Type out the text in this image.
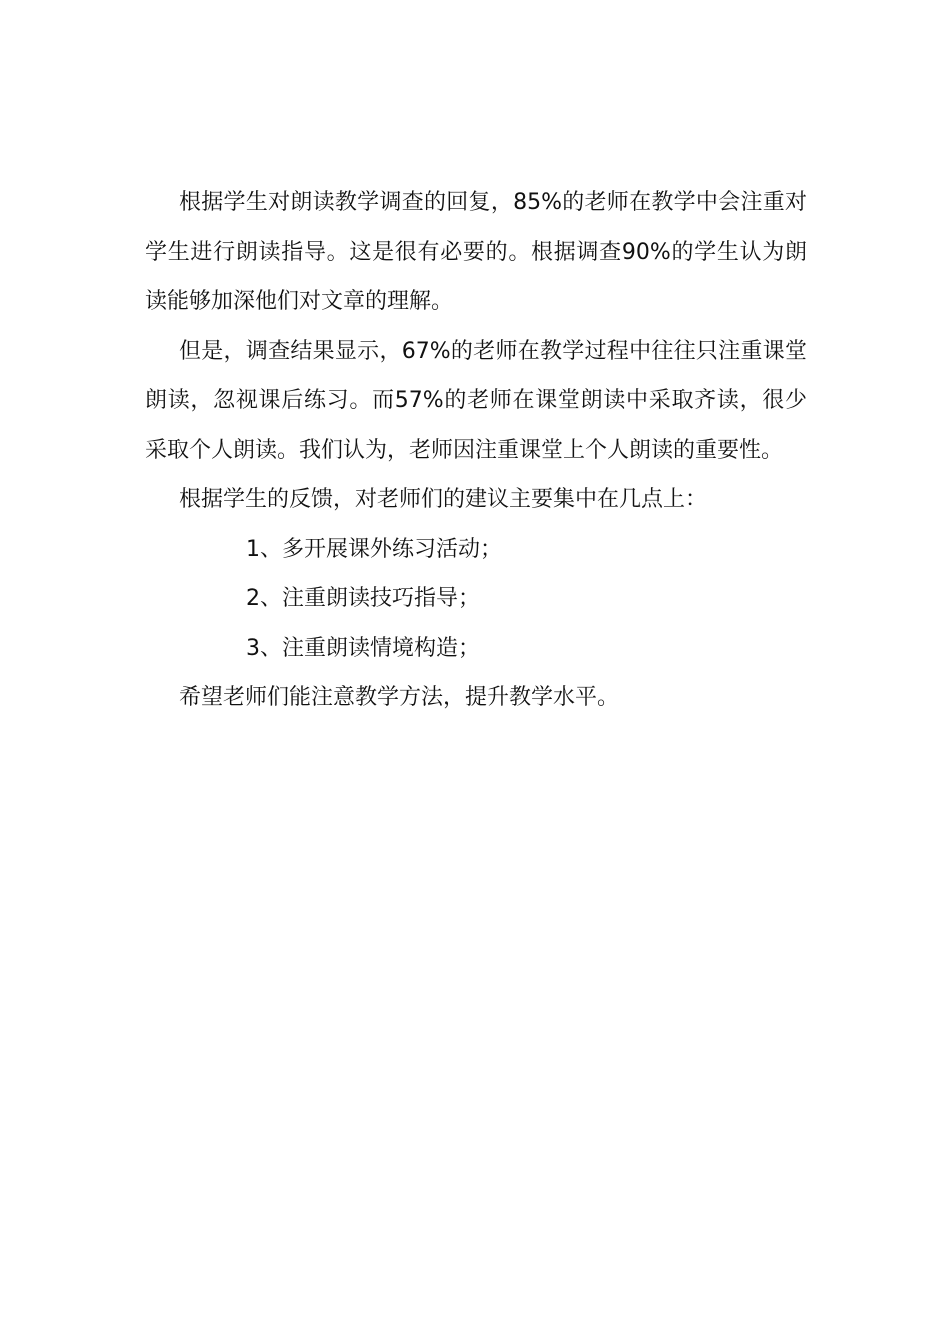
根据学生对朗读教学调查的回复，85%的老师在教学中会注重对学生进行朗读指导。这是很有必要的。根据调查90%的学生认为朗读能够加深他们对文章的理解。

但是，调查结果显示，67%的老师在教学过程中往往只注重课堂朗读，忽视课后练习。而57%的老师在课堂朗读中采取齐读，很少采取个人朗读。我们认为，老师因注重课堂上个人朗读的重要性。

根据学生的反馈，对老师们的建议主要集中在几点上：

1、多开展课外练习活动；

2、注重朗读技巧指导；

3、注重朗读情境构造；

希望老师们能注意教学方法，提升教学水平。
